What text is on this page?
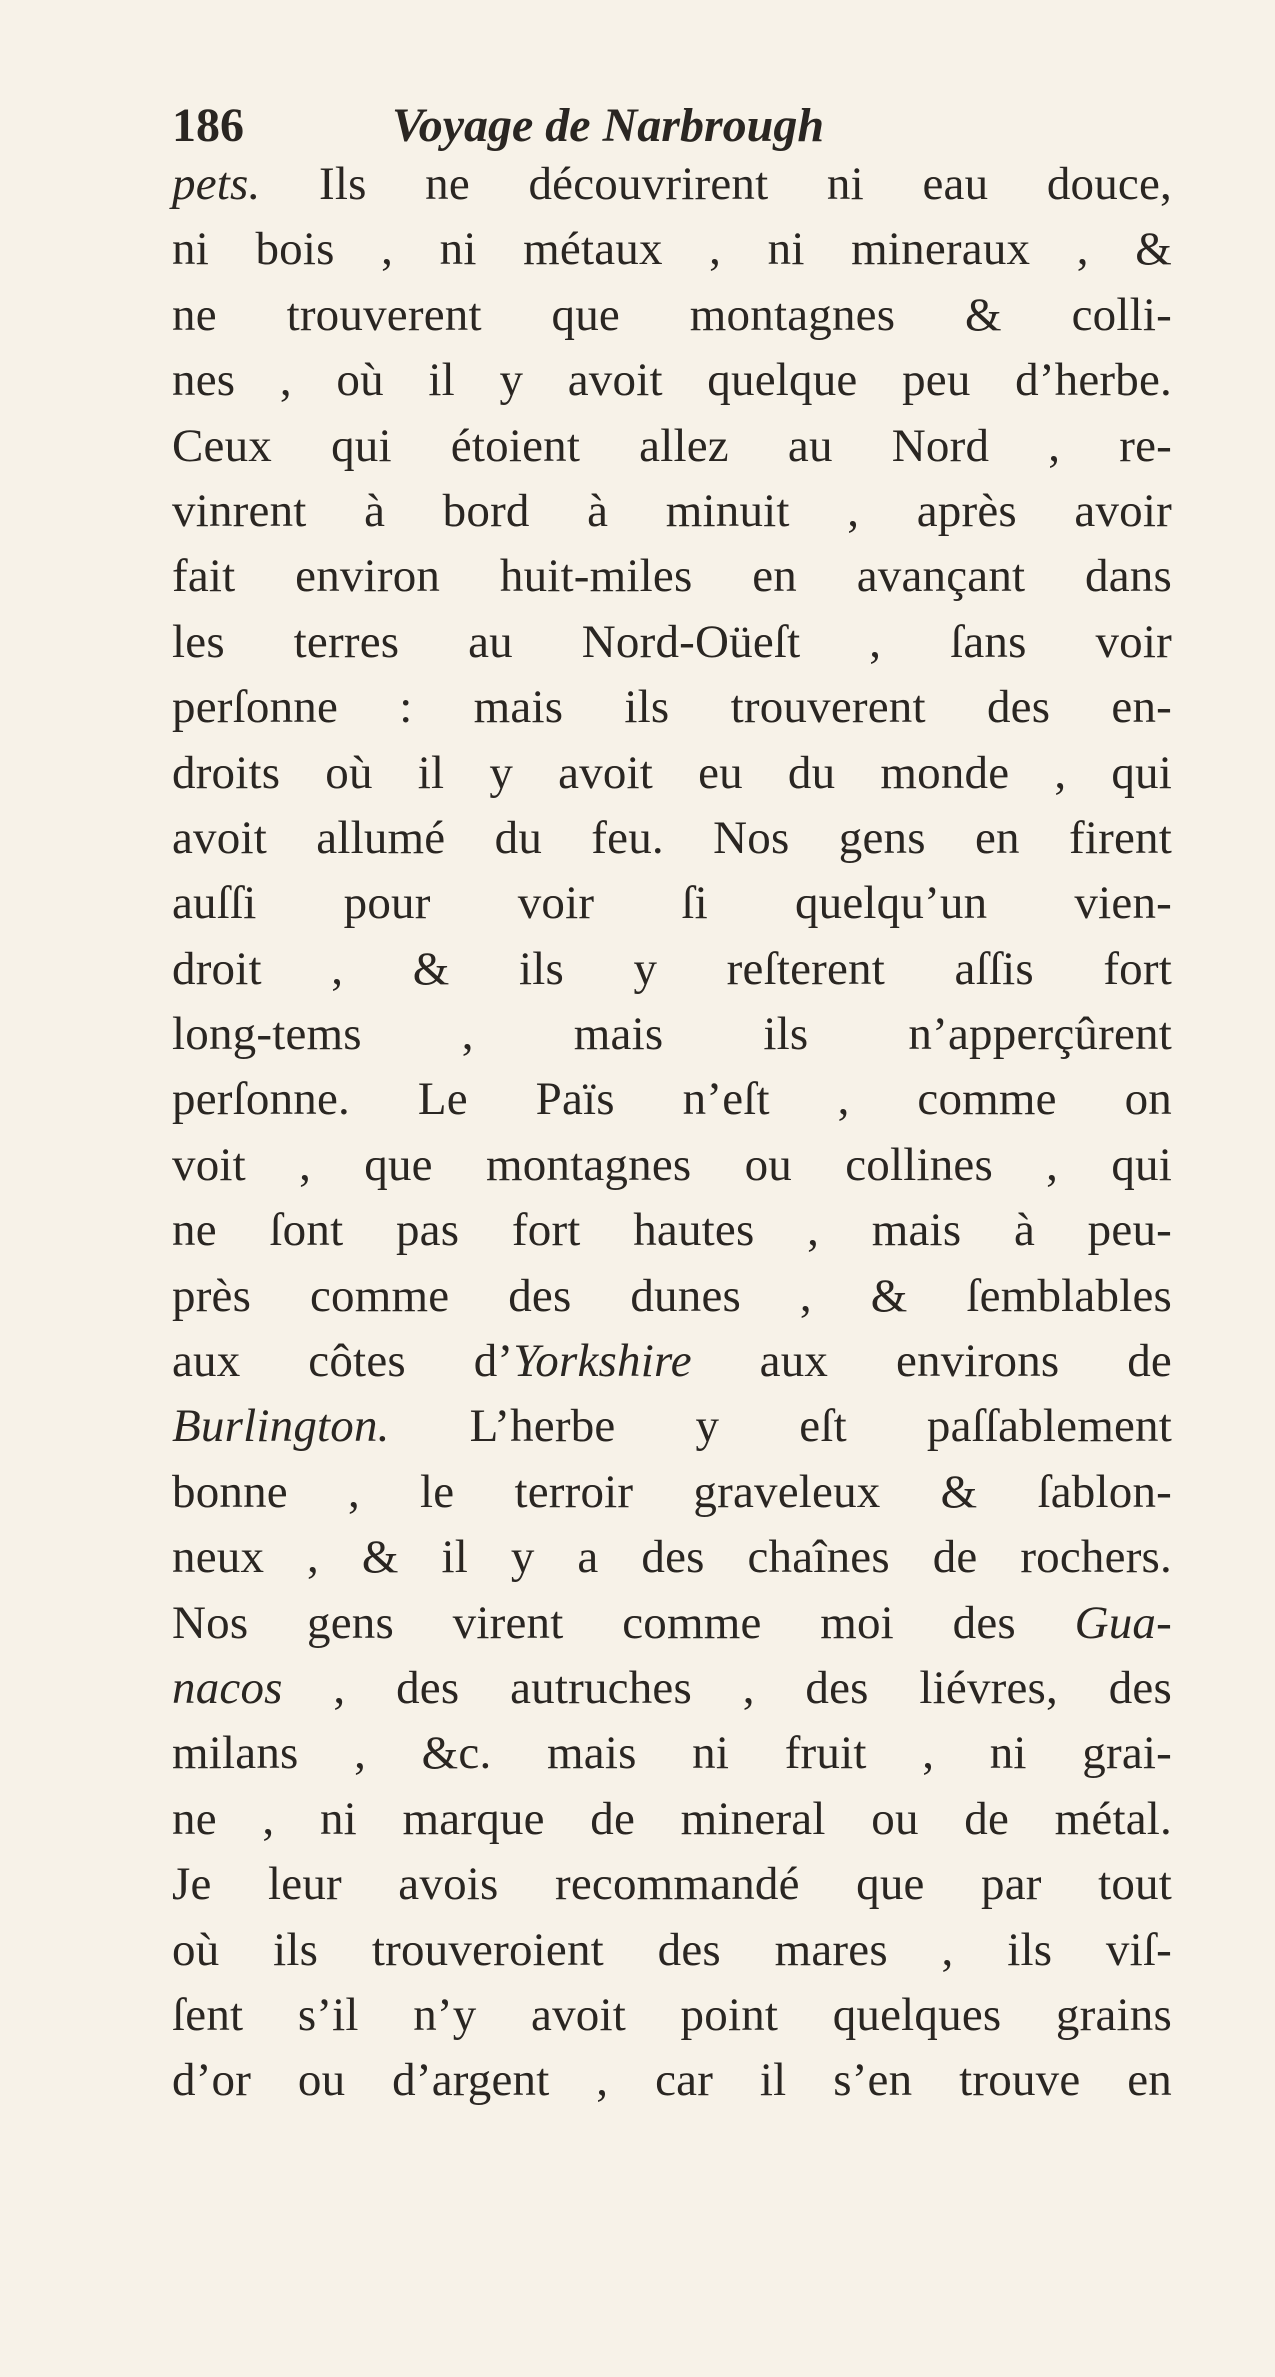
186	Voyage de Narbrough
pets. Ils ne découvrirent ni eau douce,
ni bois , ni métaux , ni mineraux , &
ne trouverent que montagnes & colli-
nes , où il y avoit quelque peu d’herbe.
Ceux qui étoient allez au Nord , re-
vinrent à bord à minuit , après avoir
fait environ huit-miles en avançant dans
les terres au Nord-Oüeſt , ſans voir
perſonne : mais ils trouverent des en-
droits où il y avoit eu du monde , qui
avoit allumé du feu. Nos gens en firent
auſſi pour voir ſi quelqu’un vien-
droit , & ils y reſterent aſſis fort
long-tems , mais ils n’apperçûrent
perſonne. Le Païs n’eſt , comme on
voit , que montagnes ou collines , qui
ne ſont pas fort hautes , mais à peu-
près comme des dunes , & ſemblables
aux côtes d’Yorkshire aux environs de
Burlington. L’herbe y eſt paſſablement
bonne , le terroir graveleux & ſablon-
neux , & il y a des chaînes de rochers.
Nos gens virent comme moi des Gua-
nacos , des autruches , des liévres, des
milans , &c. mais ni fruit , ni grai-
ne , ni marque de mineral ou de métal.
Je leur avois recommandé que par tout
où ils trouveroient des mares , ils viſ-
ſent s’il n’y avoit point quelques grains
d’or ou d’argent , car il s’en trouve en
